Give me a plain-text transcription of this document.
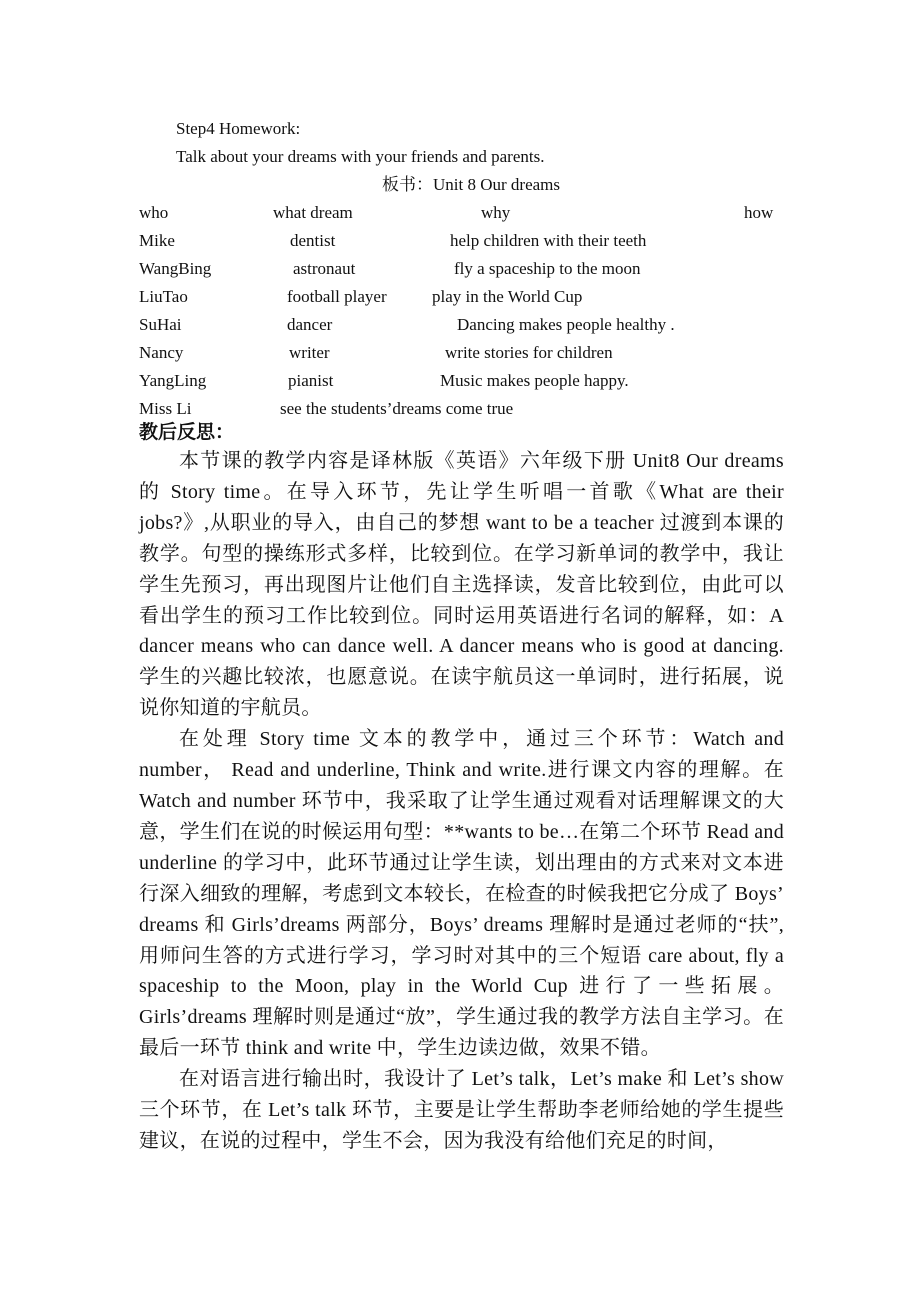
Step4 Homework:
Talk about your dreams with your friends and parents.
板书：Unit 8 Our dreams
who	what dream	why	how
Mike	dentist	help children with their teeth
WangBing	astronaut	fly a spaceship to the moon
LiuTao	football player	play in the World Cup
SuHai	dancer	Dancing makes people healthy .
Nancy	writer	write stories for children
YangLing	pianist	Music makes people happy.
Miss Li	see the students’dreams come true
教后反思：

本节课的教学内容是译林版《英语》六年级下册 Unit8 Our dreams 的 Story time。在导入环节，先让学生听唱一首歌《What are their jobs?》,从职业的导入，由自己的梦想 want to be a teacher 过渡到本课的教学。句型的操练形式多样，比较到位。在学习新单词的教学中，我让学生先预习，再出现图片让他们自主选择读，发音比较到位，由此可以看出学生的预习工作比较到位。同时运用英语进行名词的解释，如：A dancer means who can dance well. A dancer means who is good at dancing.学生的兴趣比较浓，也愿意说。在读宇航员这一单词时，进行拓展，说说你知道的宇航员。

在处理 Story time 文本的教学中，通过三个环节：Watch and number， Read and underline, Think and write.进行课文内容的理解。在 Watch and number 环节中，我采取了让学生通过观看对话理解课文的大意，学生们在说的时候运用句型：**wants to be…在第二个环节 Read and underline 的学习中，此环节通过让学生读，划出理由的方式来对文本进行深入细致的理解，考虑到文本较长，在检查的时候我把它分成了 Boys’ dreams 和 Girls’dreams 两部分，Boys’ dreams 理解时是通过老师的“扶”,用师问生答的方式进行学习，学习时对其中的三个短语 care about, fly a spaceship to the Moon, play in the World Cup 进行了一些拓展。Girls’dreams 理解时则是通过“放”，学生通过我的教学方法自主学习。在最后一环节 think and write 中，学生边读边做，效果不错。

在对语言进行输出时，我设计了 Let’s talk，Let’s make 和 Let’s show 三个环节，在 Let’s talk 环节，主要是让学生帮助李老师给她的学生提些建议，在说的过程中，学生不会，因为我没有给他们充足的时间，
